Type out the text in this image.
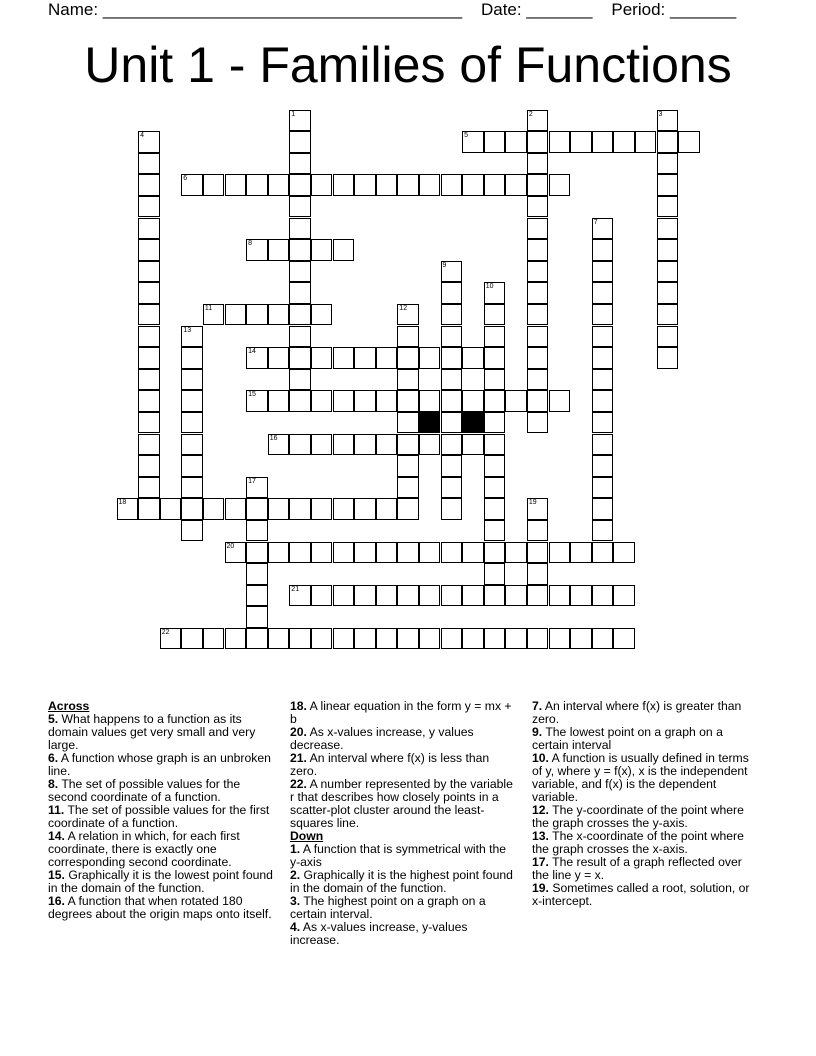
Name: ______________________________________    Date: _______    Period: _______
Unit 1 - Families of Functions
5
6
8
11
14
15
16
18
20
21
22
1	2	3
4
7
9
10
12
13
17
19
Across
5. What happens to a function as its domain values get very small and very large.
6. A function whose graph is an unbroken line.
8. The set of possible values for the second coordinate of a function.
11. The set of possible values for the first coordinate of a function.
14. A relation in which, for each first coordinate, there is exactly one corresponding second coordinate.
15. Graphically it is the lowest point found in the domain of the function.
16. A function that when rotated 180 degrees about the origin maps onto itself.
18. A linear equation in the form y = mx + b
20. As x-values increase, y values decrease.
21. An interval where f(x) is less than zero.
22. A number represented by the variable r that describes how closely points in a scatter-plot cluster around the least-squares line.
Down
1. A function that is symmetrical with the y-axis
2. Graphically it is the highest point found in the domain of the function.
3. The highest point on a graph on a certain interval.
4. As x-values increase, y-values increase.
7. An interval where f(x) is greater than zero.
9. The lowest point on a graph on a certain interval
10. A function is usually defined in terms of y, where y = f(x), x is the independent variable, and f(x) is the dependent variable.
12. The y-coordinate of the point where the graph crosses the y-axis.
13. The x-coordinate of the point where the graph crosses the x-axis.
17. The result of a graph reflected over the line y = x.
19. Sometimes called a root, solution, or x-intercept.
